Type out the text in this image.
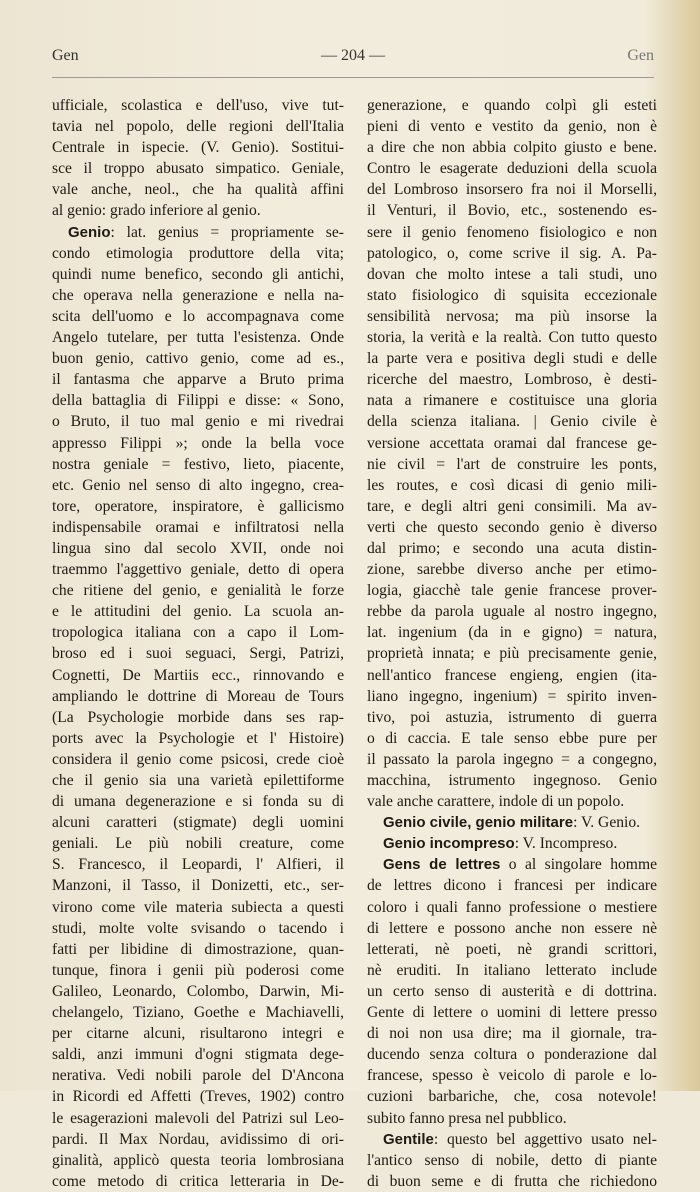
Gen	— 204 —	Gen
ufficiale, scolastica e dell'uso, vive tut-
tavia nel popolo, delle regioni dell'Italia
Centrale in ispecie. (V. Genio). Sostitui-
sce il troppo abusato simpatico. Geniale,
vale anche, neol., che ha qualità affini
al genio: grado inferiore al genio.
Genio: lat. genius = propriamente se-
condo etimologia produttore della vita;
quindi nume benefico, secondo gli antichi,
che operava nella generazione e nella na-
scita dell'uomo e lo accompagnava come
Angelo tutelare, per tutta l'esistenza. Onde
buon genio, cattivo genio, come ad es.,
il fantasma che apparve a Bruto prima
della battaglia di Filippi e disse: « Sono,
o Bruto, il tuo mal genio e mi rivedrai
appresso Filippi »; onde la bella voce
nostra geniale = festivo, lieto, piacente,
etc. Genio nel senso di alto ingegno, crea-
tore, operatore, inspiratore, è gallicismo
indispensabile oramai e infiltratosi nella
lingua sino dal secolo XVII, onde noi
traemmo l'aggettivo geniale, detto di opera
che ritiene del genio, e genialità le forze
e le attitudini del genio. La scuola an-
tropologica italiana con a capo il Lom-
broso ed i suoi seguaci, Sergi, Patrizi,
Cognetti, De Martiis ecc., rinnovando e
ampliando le dottrine di Moreau de Tours
(La Psychologie morbide dans ses rap-
ports avec la Psychologie et l' Histoire)
considera il genio come psicosi, crede cioè
che il genio sia una varietà epilettiforme
di umana degenerazione e si fonda su di
alcuni caratteri (stigmate) degli uomini
geniali. Le più nobili creature, come
S. Francesco, il Leopardi, l' Alfieri, il
Manzoni, il Tasso, il Donizetti, etc., ser-
virono come vile materia subiecta a questi
studi, molte volte svisando o tacendo i
fatti per libidine di dimostrazione, quan-
tunque, finora i genii più poderosi come
Galileo, Leonardo, Colombo, Darwin, Mi-
chelangelo, Tiziano, Goethe e Machiavelli,
per citarne alcuni, risultarono integri e
saldi, anzi immuni d'ogni stigmata dege-
nerativa. Vedi nobili parole del D'Ancona
in Ricordi ed Affetti (Treves, 1902) contro
le esagerazioni malevoli del Patrizi sul Leo-
pardi. Il Max Nordau, avidissimo di ori-
ginalità, applicò questa teoria lombrosiana
come metodo di critica letteraria in De-
generazione, e quando colpì gli esteti
pieni di vento e vestito da genio, non è
a dire che non abbia colpito giusto e bene.
Contro le esagerate deduzioni della scuola
del Lombroso insorsero fra noi il Morselli,
il Venturi, il Bovio, etc., sostenendo es-
sere il genio fenomeno fisiologico e non
patologico, o, come scrive il sig. A. Pa-
dovan che molto intese a tali studi, uno
stato fisiologico di squisita eccezionale
sensibilità nervosa; ma più insorse la
storia, la verità e la realtà. Con tutto questo
la parte vera e positiva degli studi e delle
ricerche del maestro, Lombroso, è desti-
nata a rimanere e costituisce una gloria
della scienza italiana. | Genio civile è
versione accettata oramai dal francese ge-
nie civil = l'art de construire les ponts,
les routes, e così dicasi di genio mili-
tare, e degli altri geni consimili. Ma av-
verti che questo secondo genio è diverso
dal primo; e secondo una acuta distin-
zione, sarebbe diverso anche per etimo-
logia, giacchè tale genie francese prover-
rebbe da parola uguale al nostro ingegno,
lat. ingenium (da in e gigno) = natura,
proprietà innata; e più precisamente genie,
nell'antico francese engieng, engien (ita-
liano ingegno, ingenium) = spirito inven-
tivo, poi astuzia, istrumento di guerra
o di caccia. E tale senso ebbe pure per
il passato la parola ingegno = a congegno,
macchina, istrumento ingegnoso. Genio
vale anche carattere, indole di un popolo.
Genio civile, genio militare: V. Genio.
Genio incompreso: V. Incompreso.
Gens de lettres o al singolare homme
de lettres dicono i francesi per indicare
coloro i quali fanno professione o mestiere
di lettere e possono anche non essere nè
letterati, nè poeti, nè grandi scrittori,
nè eruditi. In italiano letterato include
un certo senso di austerità e di dottrina.
Gente di lettere o uomini di lettere presso
di noi non usa dire; ma il giornale, tra-
ducendo senza coltura o ponderazione dal
francese, spesso è veicolo di parole e lo-
cuzioni barbariche, che, cosa notevole!
subito fanno presa nel pubblico.
Gentile: questo bel aggettivo usato nel-
l'antico senso di nobile, detto di piante
di buon seme e di frutta che richiedono
